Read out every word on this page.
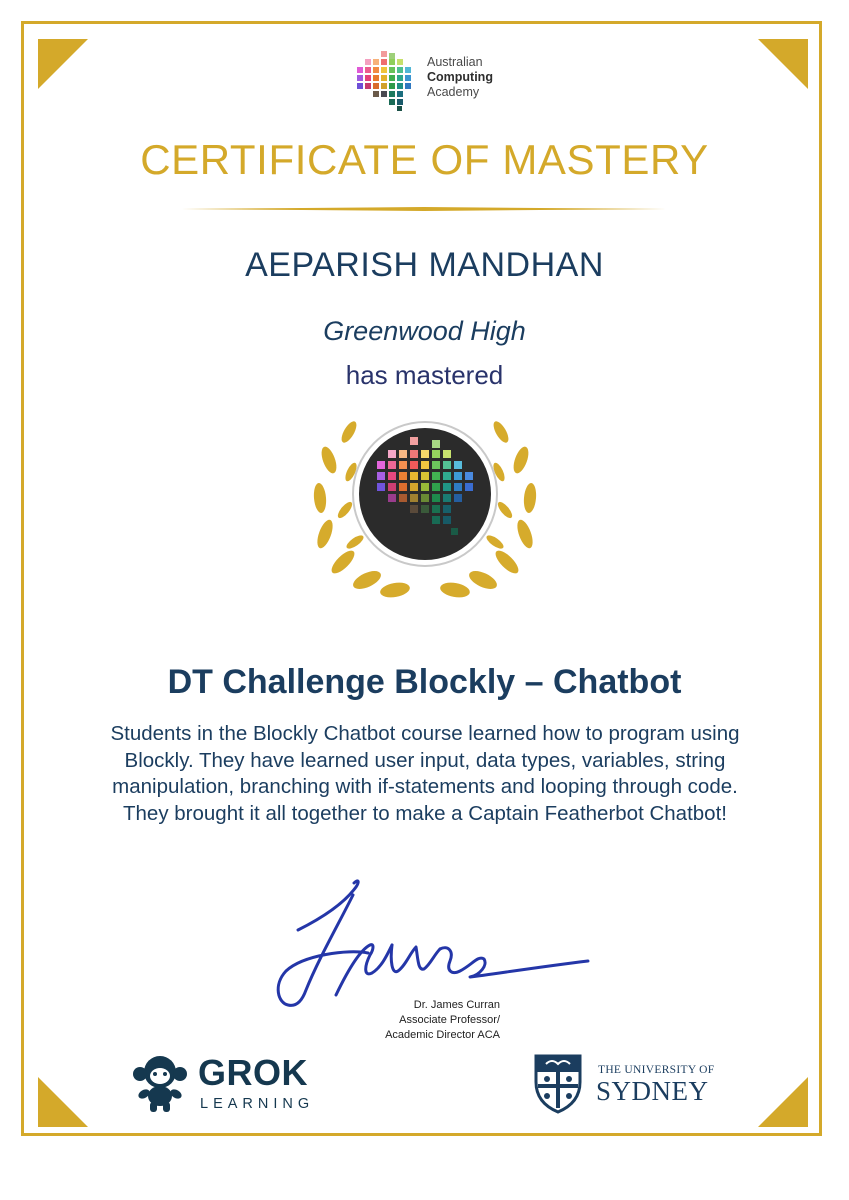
Australian
Computing
Academy
CERTIFICATE OF MASTERY
AEPARISH MANDHAN
Greenwood High
has mastered
DT Challenge Blockly – Chatbot
Students in the Blockly Chatbot course learned how to program using Blockly. They have learned user input, data types, variables, string manipulation, branching with if-statements and looping through code. They brought it all together to make a Captain Featherbot Chatbot!
Dr. James Curran
Associate Professor/
Academic Director ACA
GROK
LEARNING
THE UNIVERSITY OF
SYDNEY
